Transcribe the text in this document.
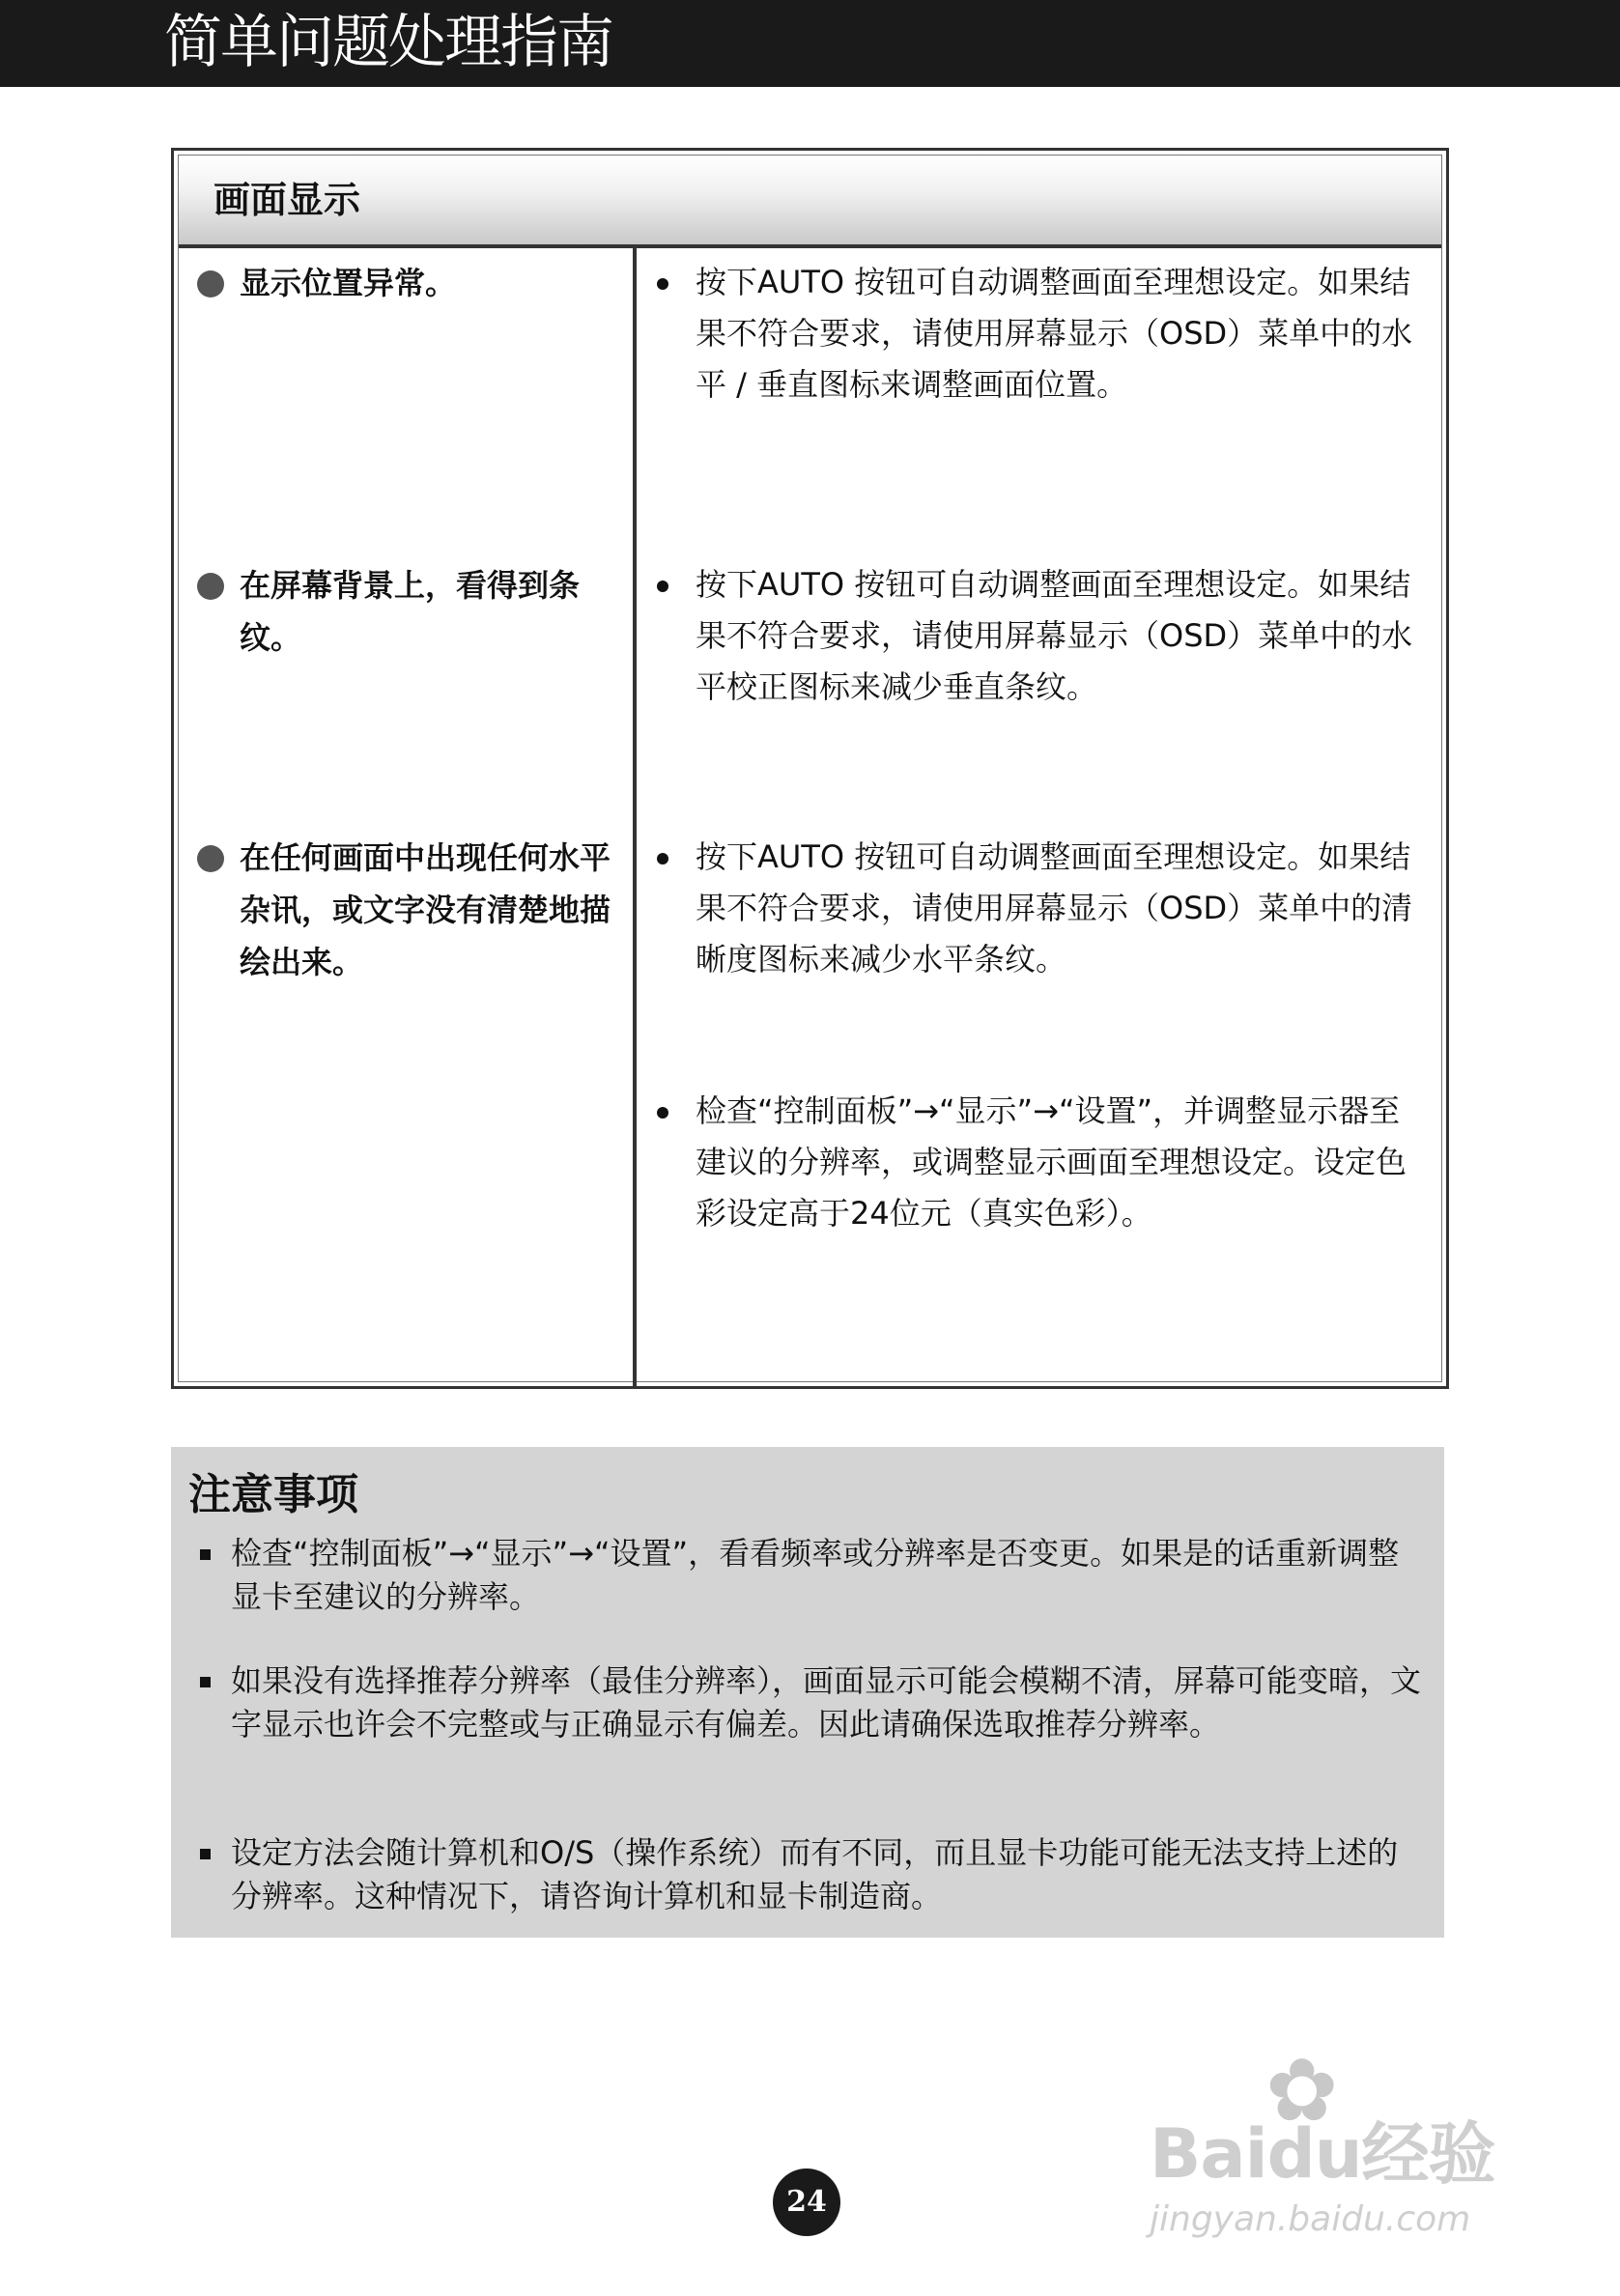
简单问题处理指南
画面显示
显示位置异常。	按下AUTO 按钮可自动调整画面至理想设定。如果结果不符合要求，请使用屏幕显示（OSD）菜单中的水平 / 垂直图标来调整画面位置。
在屏幕背景上，看得到条纹。
按下AUTO 按钮可自动调整画面至理想设定。如果结果不符合要求，请使用屏幕显示（OSD）菜单中的水平校正图标来减少垂直条纹。
在任何画面中出现任何水平杂讯，或文字没有清楚地描绘出来。
按下AUTO 按钮可自动调整画面至理想设定。如果结果不符合要求，请使用屏幕显示（OSD）菜单中的清晰度图标来减少水平条纹。
检查“控制面板”→“显示”→“设置”，并调整显示器至建议的分辨率，或调整显示画面至理想设定。设定色彩设定高于24位元（真实色彩）。
注意事项
检查“控制面板”→“显示”→“设置”，看看频率或分辨率是否变更。如果是的话重新调整显卡至建议的分辨率。
如果没有选择推荐分辨率（最佳分辨率），画面显示可能会模糊不清，屏幕可能变暗，文字显示也许会不完整或与正确显示有偏差。因此请确保选取推荐分辨率。
设定方法会随计算机和O/S（操作系统）而有不同，而且显卡功能可能无法支持上述的分辨率。这种情况下，请咨询计算机和显卡制造商。
24
✿
Baidu经验
jingyan.baidu.com
